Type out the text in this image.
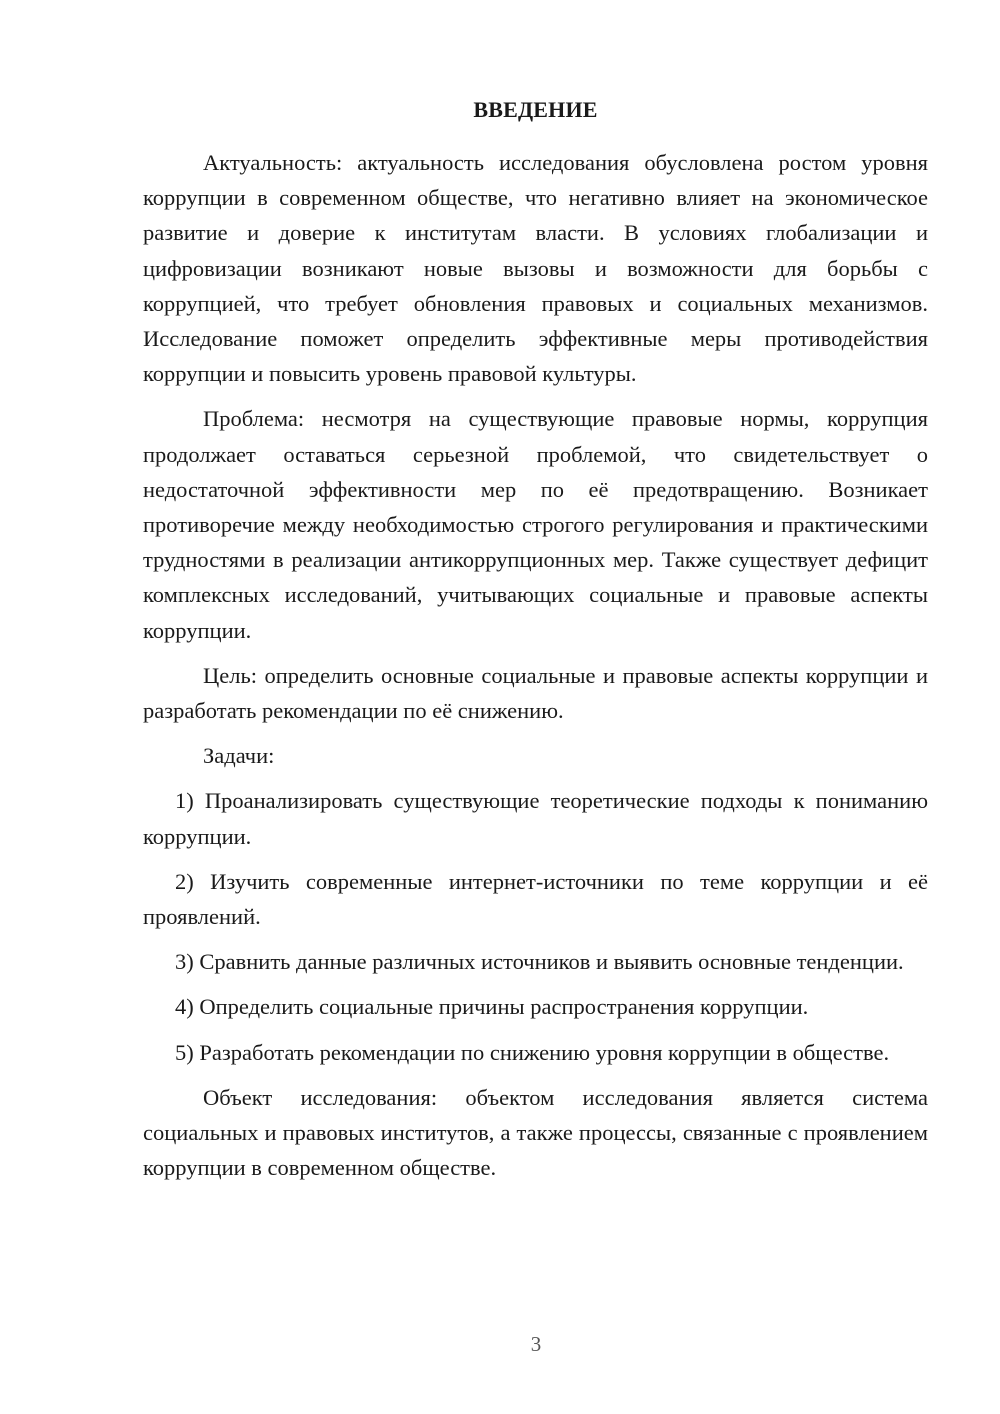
ВВЕДЕНИЕ

Актуальность: актуальность исследования обусловлена ростом уровня коррупции в современном обществе, что негативно влияет на экономическое развитие и доверие к институтам власти. В условиях глобализации и цифровизации возникают новые вызовы и возможности для борьбы с коррупцией, что требует обновления правовых и социальных механизмов. Исследование поможет определить эффективные меры противодействия коррупции и повысить уровень правовой культуры.

Проблема: несмотря на существующие правовые нормы, коррупция продолжает оставаться серьезной проблемой, что свидетельствует о недостаточной эффективности мер по её предотвращению. Возникает противоречие между необходимостью строгого регулирования и практическими трудностями в реализации антикоррупционных мер. Также существует дефицит комплексных исследований, учитывающих социальные и правовые аспекты коррупции.

Цель: определить основные социальные и правовые аспекты коррупции и разработать рекомендации по её снижению.

Задачи:

1) Проанализировать существующие теоретические подходы к пониманию коррупции.

2) Изучить современные интернет-источники по теме коррупции и её проявлений.

3) Сравнить данные различных источников и выявить основные тенденции.

4) Определить социальные причины распространения коррупции.

5) Разработать рекомендации по снижению уровня коррупции в обществе.

Объект исследования: объектом исследования является система социальных и правовых институтов, а также процессы, связанные с проявлением коррупции в современном обществе.

3
